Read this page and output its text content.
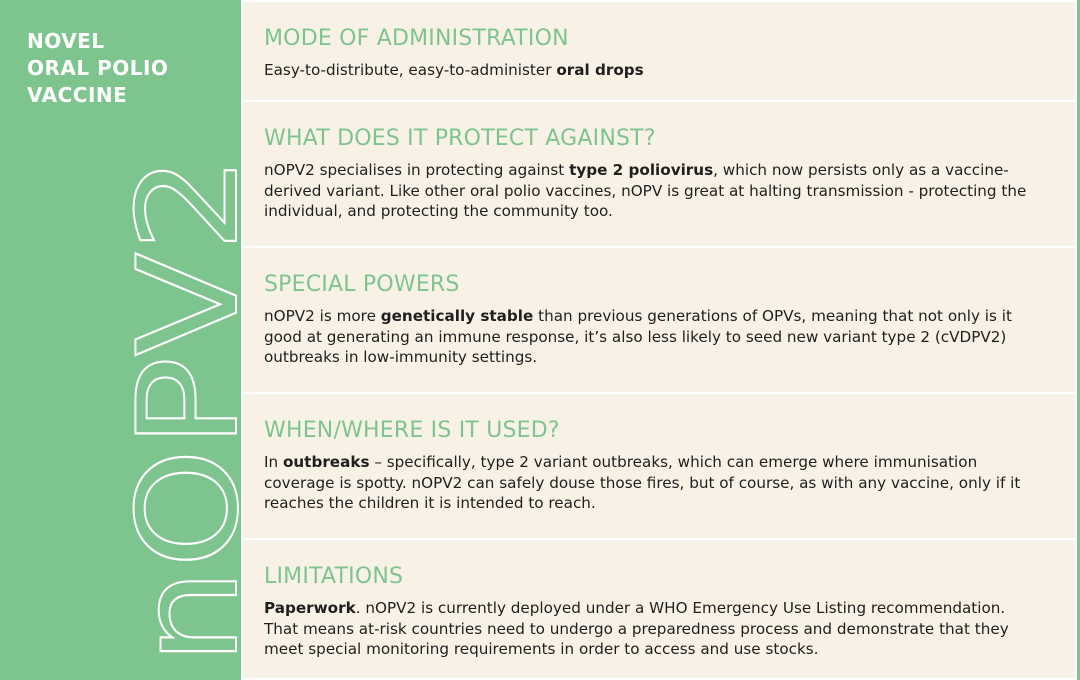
nOPV2
NOVEL
ORAL POLIO
VACCINE
MODE OF ADMINISTRATION

Easy-to-distribute, easy-to-administer oral drops

WHAT DOES IT PROTECT AGAINST?

nOPV2 specialises in protecting against type 2 poliovirus, which now persists only as a vaccine-derived variant. Like other oral polio vaccines, nOPV is great at halting transmission - protecting the individual, and protecting the community too.

SPECIAL POWERS

nOPV2 is more genetically stable than previous generations of OPVs, meaning that not only is it good at generating an immune response, it’s also less likely to seed new variant type 2 (cVDPV2) outbreaks in low-immunity settings.

WHEN/WHERE IS IT USED?

In outbreaks – specifically, type 2 variant outbreaks, which can emerge where immunisation coverage is spotty. nOPV2 can safely douse those fires, but of course, as with any vaccine, only if it reaches the children it is intended to reach.

LIMITATIONS

Paperwork. nOPV2 is currently deployed under a WHO Emergency Use Listing recommendation. That means at-risk countries need to undergo a preparedness process and demonstrate that they meet special monitoring requirements in order to access and use stocks.
